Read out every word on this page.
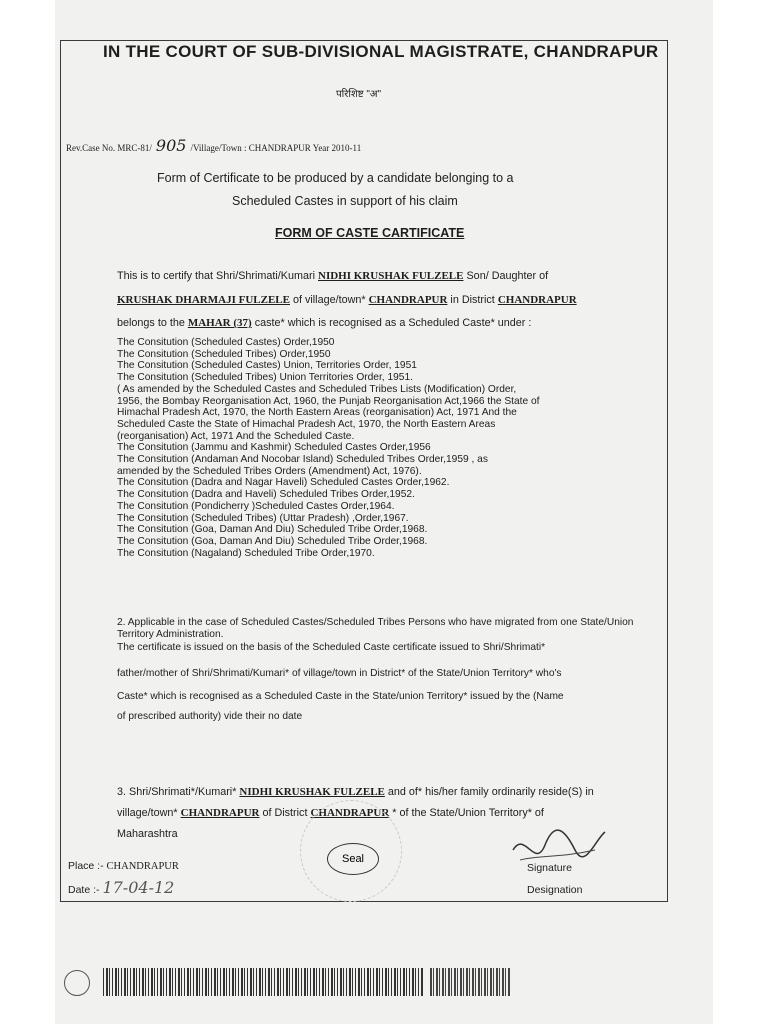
IN THE COURT OF SUB-DIVISIONAL MAGISTRATE, CHANDRAPUR
परिशिष्ट "अ"
Rev.Case No. MRC-81/ 905 /Village/Town : CHANDRAPUR Year 2010-11
Form of Certificate to be produced by a candidate belonging to a
Scheduled Castes in support of his claim
FORM OF CASTE CARTIFICATE
This is to certify that Shri/Shrimati/Kumari NIDHI KRUSHAK FULZELE Son/ Daughter of
KRUSHAK DHARMAJI FULZELE of village/town* CHANDRAPUR in District CHANDRAPUR
belongs to the MAHAR (37) caste* which is recognised as a Scheduled Caste* under :
The Consitution (Scheduled Castes) Order,1950
The Consitution (Scheduled Tribes) Order,1950
The Consitution (Scheduled Castes) Union, Territories Order, 1951
The Consitution (Scheduled Tribes) Union Territories Order, 1951.
( As amended by the Scheduled Castes and Scheduled Tribes Lists (Modification) Order,
1956, the Bombay Reorganisation Act, 1960, the Punjab Reorganisation Act,1966 the State of
Himachal Pradesh Act, 1970, the North Eastern Areas (reorganisation) Act, 1971 And the
Scheduled Caste the State of Himachal Pradesh Act, 1970, the North Eastern Areas
(reorganisation) Act, 1971 And the Scheduled Caste.
The Consitution (Jammu and Kashmir) Scheduled Castes Order,1956
The Consitution (Andaman And Nocobar Island) Scheduled Tribes Order,1959 , as
amended by the Scheduled Tribes Orders (Amendment) Act, 1976).
The Consitution (Dadra and Nagar Haveli) Scheduled Castes Order,1962.
The Consitution (Dadra and Haveli) Scheduled Tribes Order,1952.
The Consitution (Pondicherry )Scheduled Castes Order,1964.
The Consitution (Scheduled Tribes) (Uttar Pradesh) ,Order,1967.
The Consitution (Goa, Daman And Diu) Scheduled Tribe Order,1968.
The Consitution (Goa, Daman And Diu) Scheduled Tribe Order,1968.
The Consitution (Nagaland) Scheduled Tribe Order,1970.
2. Applicable in the case of Scheduled Castes/Scheduled Tribes Persons who have migrated from one State/Union Territory Administration.
The certificate is issued on the basis of the Scheduled Caste certificate issued to Shri/Shrimati*
father/mother of Shri/Shrimati/Kumari* of village/town in District* of the State/Union Territory* who's
Caste* which is recognised as a Scheduled Caste in the State/union Territory* issued by the (Name
of prescribed authority) vide their no date
3. Shri/Shrimati*/Kumari* NIDHI KRUSHAK FULZELE and of* his/her family ordinarily reside(S) in
village/town* CHANDRAPUR of District CHANDRAPUR * of the State/Union Territory* of
Maharashtra
Seal
Place :- CHANDRAPUR
Date :- 17-04-12
Signature
Designation
